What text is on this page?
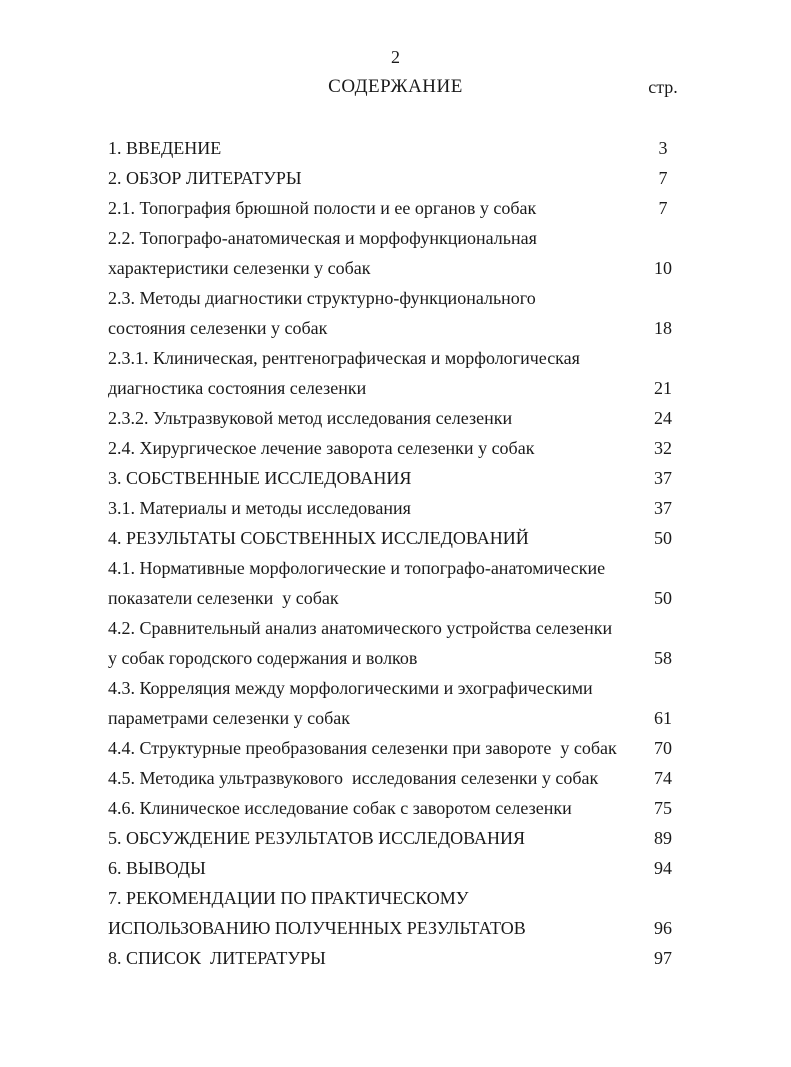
2
СОДЕРЖАНИЕ	стр.
1. ВВЕДЕНИЕ	3
2. ОБЗОР ЛИТЕРАТУРЫ	7
2.1. Топография брюшной полости и ее органов у собак	7
2.2. Топографо-анатомическая и морфофункциональная
характеристики селезенки у собак	10
2.3. Методы диагностики структурно-функционального
состояния селезенки у собак	18
2.3.1. Клиническая, рентгенографическая и морфологическая
диагностика состояния селезенки	21
2.3.2. Ультразвуковой метод исследования селезенки	24
2.4. Хирургическое лечение заворота селезенки у собак	32
3. СОБСТВЕННЫЕ ИССЛЕДОВАНИЯ	37
3.1. Материалы и методы исследования	37
4. РЕЗУЛЬТАТЫ СОБСТВЕННЫХ ИССЛЕДОВАНИЙ	50
4.1. Нормативные морфологические и топографо-анатомические
показатели селезенки  у собак	50
4.2. Сравнительный анализ анатомического устройства селезенки
у собак городского содержания и волков	58
4.3. Корреляция между морфологическими и эхографическими
параметрами селезенки у собак	61
4.4. Структурные преобразования селезенки при завороте  у собак	70
4.5. Методика ультразвукового  исследования селезенки у собак	74
4.6. Клиническое исследование собак с заворотом селезенки	75
5. ОБСУЖДЕНИЕ РЕЗУЛЬТАТОВ ИССЛЕДОВАНИЯ	89
6. ВЫВОДЫ	94
7. РЕКОМЕНДАЦИИ ПО ПРАКТИЧЕСКОМУ
ИСПОЛЬЗОВАНИЮ ПОЛУЧЕННЫХ РЕЗУЛЬТАТОВ	96
8. СПИСОК  ЛИТЕРАТУРЫ	97
